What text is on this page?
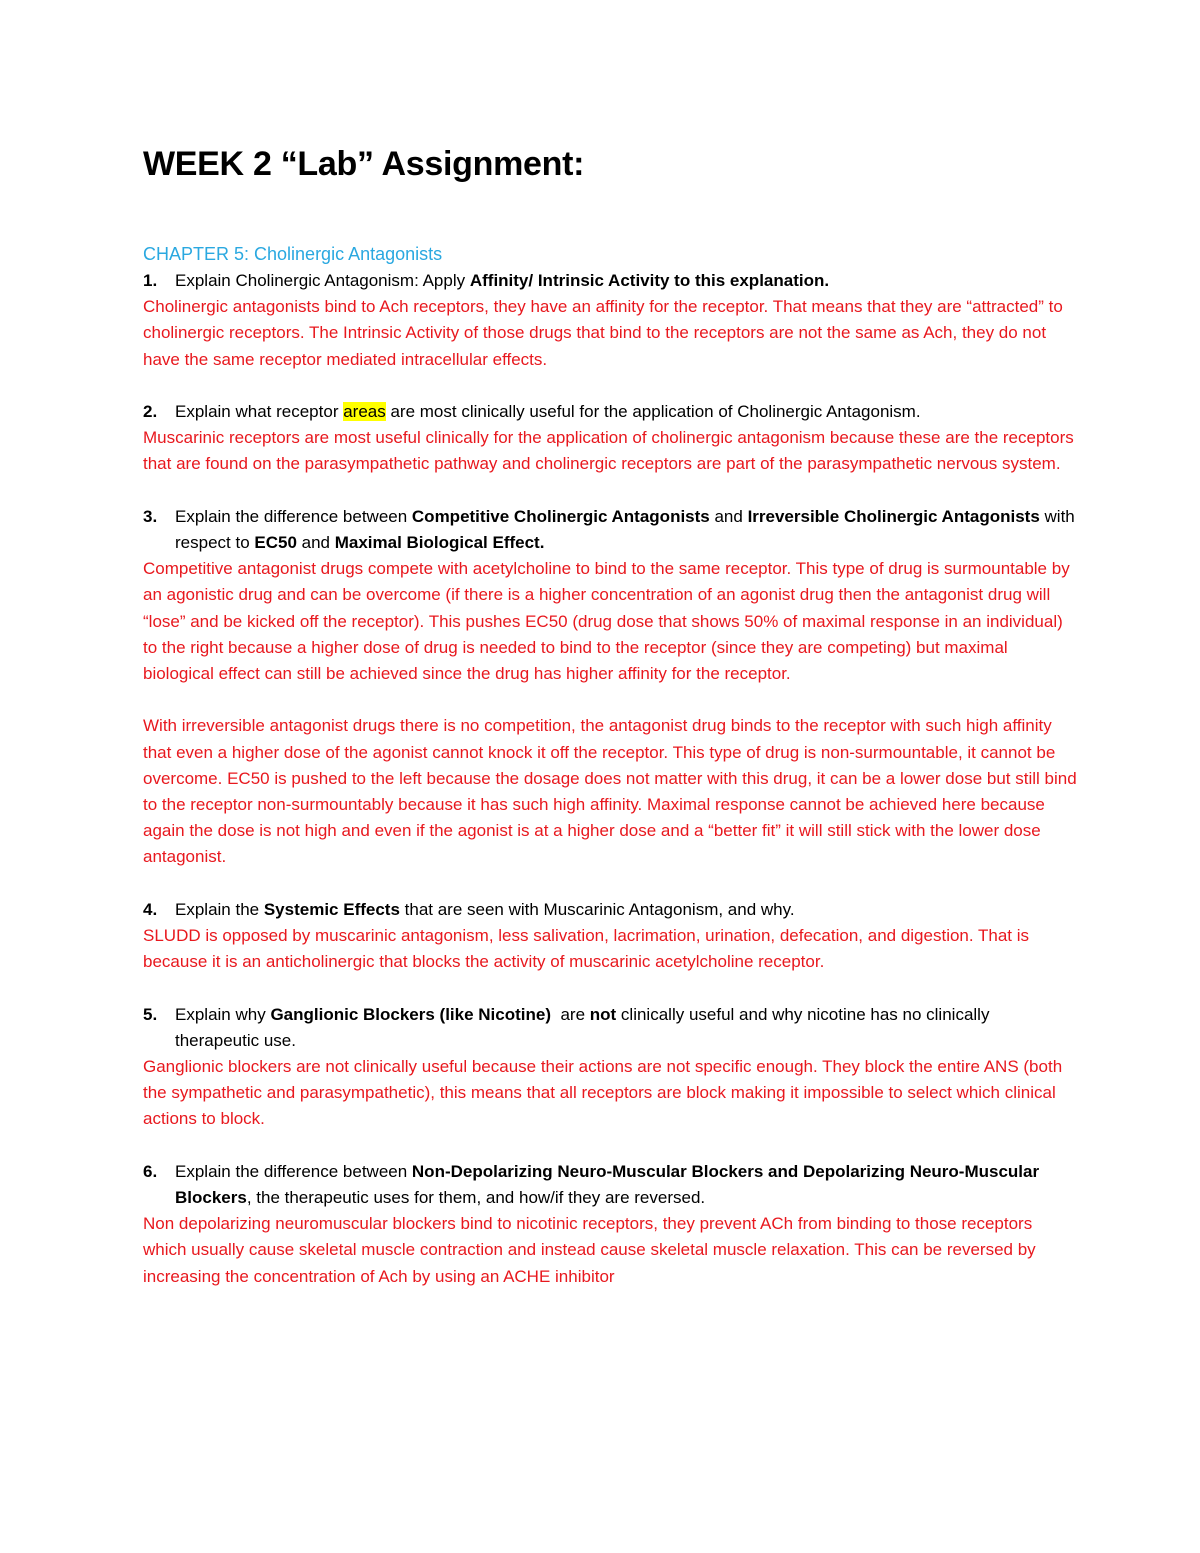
WEEK 2 “Lab” Assignment:
CHAPTER 5: Cholinergic Antagonists
1.	Explain Cholinergic Antagonism: Apply Affinity/ Intrinsic Activity to this explanation.

Cholinergic antagonists bind to Ach receptors, they have an affinity for the receptor. That means that they are “attracted” to cholinergic receptors. The Intrinsic Activity of those drugs that bind to the receptors are not the same as Ach, they do not have the same receptor mediated intracellular effects.

2.	Explain what receptor areas are most clinically useful for the application of Cholinergic Antagonism.

Muscarinic receptors are most useful clinically for the application of cholinergic antagonism because these are the receptors that are found on the parasympathetic pathway and cholinergic receptors are part of the parasympathetic nervous system.

3.	Explain the difference between Competitive Cholinergic Antagonists and Irreversible Cholinergic Antagonists with respect to EC50 and Maximal Biological Effect.

Competitive antagonist drugs compete with acetylcholine to bind to the same receptor. This type of drug is surmountable by an agonistic drug and can be overcome (if there is a higher concentration of an agonist drug then the antagonist drug will “lose” and be kicked off the receptor). This pushes EC50 (drug dose that shows 50% of maximal response in an individual) to the right because a higher dose of drug is needed to bind to the receptor (since they are competing) but maximal biological effect can still be achieved since the drug has higher affinity for the receptor.

With irreversible antagonist drugs there is no competition, the antagonist drug binds to the receptor with such high affinity that even a higher dose of the agonist cannot knock it off the receptor. This type of drug is non-surmountable, it cannot be overcome. EC50 is pushed to the left because the dosage does not matter with this drug, it can be a lower dose but still bind to the receptor non-surmountably because it has such high affinity. Maximal response cannot be achieved here because again the dose is not high and even if the agonist is at a higher dose and a “better fit” it will still stick with the lower dose antagonist.

4.	Explain the Systemic Effects that are seen with Muscarinic Antagonism, and why.

SLUDD is opposed by muscarinic antagonism, less salivation, lacrimation, urination, defecation, and digestion. That is because it is an anticholinergic that blocks the activity of muscarinic acetylcholine receptor.

5.	Explain why Ganglionic Blockers (like Nicotine)  are not clinically useful and why nicotine has no clinically therapeutic use.

Ganglionic blockers are not clinically useful because their actions are not specific enough. They block the entire ANS (both the sympathetic and parasympathetic), this means that all receptors are block making it impossible to select which clinical actions to block.

6.	Explain the difference between Non-Depolarizing Neuro-Muscular Blockers and Depolarizing Neuro-Muscular Blockers, the therapeutic uses for them, and how/if they are reversed.

Non depolarizing neuromuscular blockers bind to nicotinic receptors, they prevent ACh from binding to those receptors which usually cause skeletal muscle contraction and instead cause skeletal muscle relaxation. This can be reversed by increasing the concentration of Ach by using an ACHE inhibitor
